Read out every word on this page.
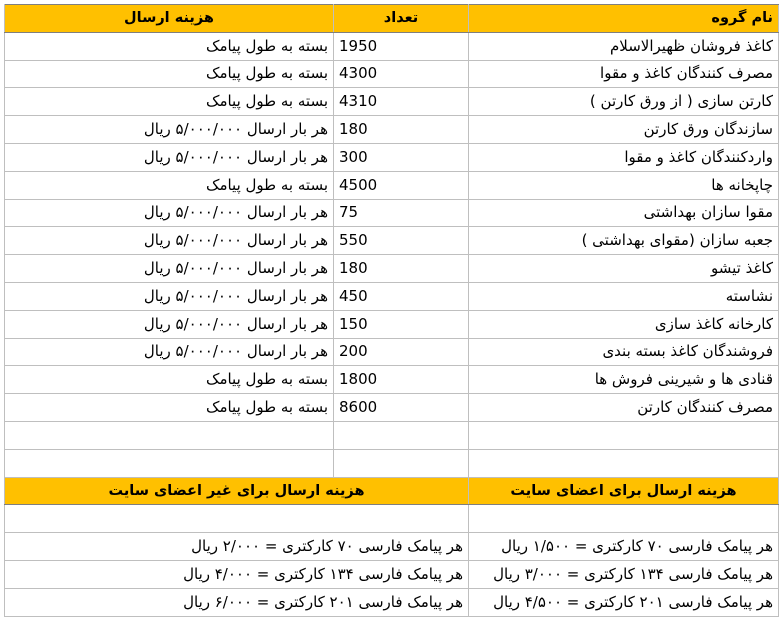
نام گروه	تعداد	هزینه ارسال
کاغذ فروشان ظهیرالاسلام	1950	بسته به طول پیامک
مصرف کنندگان کاغذ و مقوا	4300	بسته به طول پیامک
کارتن سازی ( از ورق کارتن )	4310	بسته به طول پیامک
سازندگان ورق کارتن	180	هر بار ارسال ۵/۰۰۰/۰۰۰ ریال
واردکنندگان کاغذ و مقوا	300	هر بار ارسال ۵/۰۰۰/۰۰۰ ریال
چاپخانه ها	4500	بسته به طول پیامک
مقوا سازان بهداشتی	75	هر بار ارسال ۵/۰۰۰/۰۰۰ ریال
جعبه سازان (مقوای بهداشتی )	550	هر بار ارسال ۵/۰۰۰/۰۰۰ ریال
کاغذ تیشو	180	هر بار ارسال ۵/۰۰۰/۰۰۰ ریال
نشاسته	450	هر بار ارسال ۵/۰۰۰/۰۰۰ ریال
کارخانه کاغذ سازی	150	هر بار ارسال ۵/۰۰۰/۰۰۰ ریال
فروشندگان کاغذ بسته بندی	200	هر بار ارسال ۵/۰۰۰/۰۰۰ ریال
قنادی ها و شیرینی فروش ها	1800	بسته به طول پیامک
مصرف کنندگان کارتن	8600	بسته به طول پیامک

هزینه ارسال برای اعضای سایت	هزینه ارسال برای غیر اعضای سایت	

هر پیامک فارسی ۷۰ کارکتری = ۱/۵۰۰ ریال	هر پیامک فارسی ۷۰ کارکتری = ۲/۰۰۰ ریال	
هر پیامک فارسی ۱۳۴ کارکتری = ۳/۰۰۰ ریال	هر پیامک فارسی ۱۳۴ کارکتری = ۴/۰۰۰ ریال	
هر پیامک فارسی ۲۰۱ کارکتری = ۴/۵۰۰ ریال	هر پیامک فارسی ۲۰۱ کارکتری = ۶/۰۰۰ ریال	
